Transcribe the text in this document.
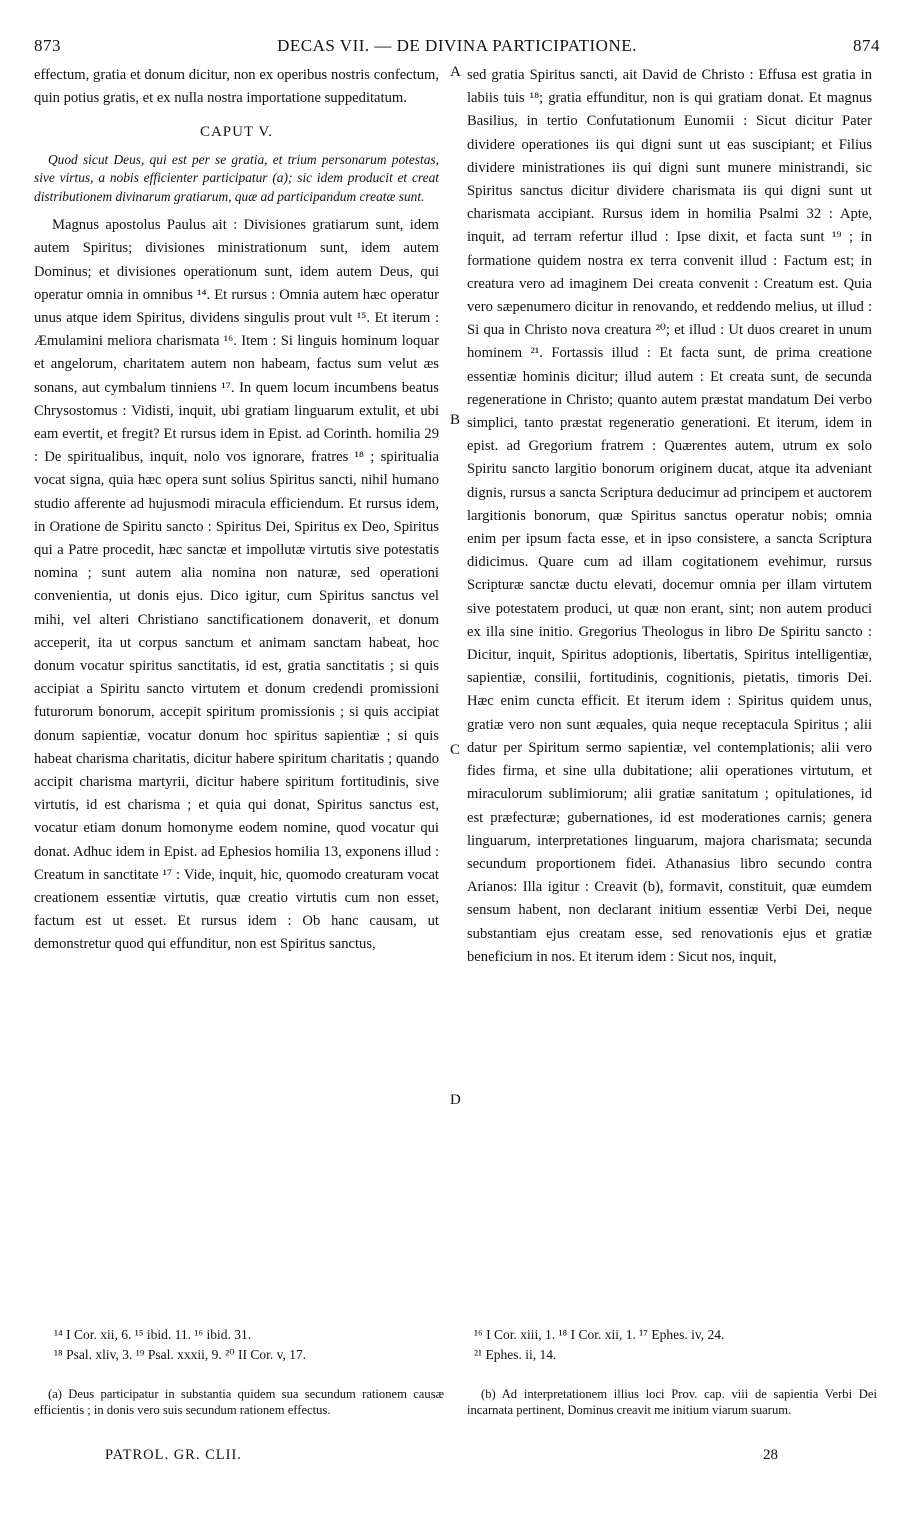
873	DECAS VII. — DE DIVINA PARTICIPATIONE.	874

effectum, gratia et donum dicitur, non ex operibus nostris confectum, quin potius gratis, et ex nulla nostra importatione suppeditatum.

CAPUT V.

Quod sicut Deus, qui est per se gratia, et trium personarum potestas, sive virtus, a nobis efficienter participatur (a); sic idem producit et creat distributionem divinarum gratiarum, quæ ad participandum creatæ sunt.

Magnus apostolus Paulus ait : Divisiones gratiarum sunt, idem autem Spiritus; divisiones ministrationum sunt, idem autem Dominus; et divisiones operationum sunt, idem autem Deus, qui operatur omnia in omnibus ¹⁴. Et rursus : Omnia autem hæc operatur unus atque idem Spiritus, dividens singulis prout vult ¹⁵. Et iterum : Æmulamini meliora charismata ¹⁶. Item : Si linguis hominum loquar et angelorum, charitatem autem non habeam, factus sum velut æs sonans, aut cymbalum tinniens ¹⁷. In quem locum incumbens beatus Chrysostomus : Vidisti, inquit, ubi gratiam linguarum extulit, et ubi eam evertit, et fregit? Et rursus idem in Epist. ad Corinth. homilia 29 : De spiritualibus, inquit, nolo vos ignorare, fratres ¹⁸ ; spiritualia vocat signa, quia hæc opera sunt solius Spiritus sancti, nihil humano studio afferente ad hujusmodi miracula efficiendum. Et rursus idem, in Oratione de Spiritu sancto : Spiritus Dei, Spiritus ex Deo, Spiritus qui a Patre procedit, hæc sanctæ et impollutæ virtutis sive potestatis nomina ; sunt autem alia nomina non naturæ, sed operationi convenientia, ut donis ejus. Dico igitur, cum Spiritus sanctus vel mihi, vel alteri Christiano sanctificationem donaverit, et donum acceperit, ita ut corpus sanctum et animam sanctam habeat, hoc donum vocatur spiritus sanctitatis, id est, gratia sanctitatis ; si quis accipiat a Spiritu sancto virtutem et donum credendi promissioni futurorum bonorum, accepit spiritum promissionis ; si quis accipiat donum sapientiæ, vocatur donum hoc spiritus sapientiæ ; si quis habeat charisma charitatis, dicitur habere spiritum charitatis ; quando accipit charisma martyrii, dicitur habere spiritum fortitudinis, sive virtutis, id est charisma ; et quia qui donat, Spiritus sanctus est, vocatur etiam donum homonyme eodem nomine, quod vocatur qui donat. Adhuc idem in Epist. ad Ephesios homilia 13, exponens illud : Creatum in sanctitate ¹⁷ : Vide, inquit, hic, quomodo creaturam vocat creationem essentiæ virtutis, quæ creatio virtutis cum non esset, factum est ut esset. Et rursus idem : Ob hanc causam, ut demonstretur quod qui effunditur, non est Spiritus sanctus,

A
B
C
D

sed gratia Spiritus sancti, ait David de Christo : Effusa est gratia in labiis tuis ¹⁸; gratia effunditur, non is qui gratiam donat. Et magnus Basilius, in tertio Confutationum Eunomii : Sicut dicitur Pater dividere operationes iis qui digni sunt ut eas suscipiant; et Filius dividere ministrationes iis qui digni sunt munere ministrandi, sic Spiritus sanctus dicitur dividere charismata iis qui digni sunt ut charismata accipiant. Rursus idem in homilia Psalmi 32 : Apte, inquit, ad terram refertur illud : Ipse dixit, et facta sunt ¹⁹ ; in formatione quidem nostra ex terra convenit illud : Factum est; in creatura vero ad imaginem Dei creata convenit : Creatum est. Quia vero sæpenumero dicitur in renovando, et reddendo melius, ut illud : Si qua in Christo nova creatura ²⁰; et illud : Ut duos crearet in unum hominem ²¹. Fortassis illud : Et facta sunt, de prima creatione essentiæ hominis dicitur; illud autem : Et creata sunt, de secunda regeneratione in Christo; quanto autem præstat mandatum Dei verbo simplici, tanto præstat regeneratio generationi. Et iterum, idem in epist. ad Gregorium fratrem : Quærentes autem, utrum ex solo Spiritu sancto largitio bonorum originem ducat, atque ita adveniant dignis, rursus a sancta Scriptura deducimur ad principem et auctorem largitionis bonorum, quæ Spiritus sanctus operatur nobis; omnia enim per ipsum facta esse, et in ipso consistere, a sancta Scriptura didicimus. Quare cum ad illam cogitationem evehimur, rursus Scripturæ sanctæ ductu elevati, docemur omnia per illam virtutem sive potestatem produci, ut quæ non erant, sint; non autem produci ex illa sine initio. Gregorius Theologus in libro De Spiritu sancto : Dicitur, inquit, Spiritus adoptionis, libertatis, Spiritus intelligentiæ, sapientiæ, consilii, fortitudinis, cognitionis, pietatis, timoris Dei. Hæc enim cuncta efficit. Et iterum idem : Spiritus quidem unus, gratiæ vero non sunt æquales, quia neque receptacula Spiritus ; alii datur per Spiritum sermo sapientiæ, vel contemplationis; alii vero fides firma, et sine ulla dubitatione; alii operationes virtutum, et miraculorum sublimiorum; alii gratiæ sanitatum ; opitulationes, id est præfecturæ; gubernationes, id est moderationes carnis; genera linguarum, interpretationes linguarum, majora charismata; secunda secundum proportionem fidei. Athanasius libro secundo contra Arianos: Illa igitur : Creavit (b), formavit, constituit, quæ eumdem sensum habent, non declarant initium essentiæ Verbi Dei, neque substantiam ejus creatam esse, sed renovationis ejus et gratiæ beneficium in nos. Et iterum idem : Sicut nos, inquit,

¹⁴ I Cor. xii, 6. ¹⁵ ibid. 11. ¹⁶ ibid. 31.
¹⁸ Psal. xliv, 3. ¹⁹ Psal. xxxii, 9. ²⁰ II Cor. v, 17.
¹⁶ I Cor. xiii, 1. ¹⁸ I Cor. xii, 1. ¹⁷ Ephes. iv, 24.
²¹ Ephes. ii, 14.

(a) Deus participatur in substantia quidem sua secundum rationem causæ efficientis ; in donis vero suis secundum rationem effectus.

(b) Ad interpretationem illius loci Prov. cap. viii de sapientia Verbi Dei incarnata pertinent, Dominus creavit me initium viarum suarum.

PATROL. GR. CLII.	28
